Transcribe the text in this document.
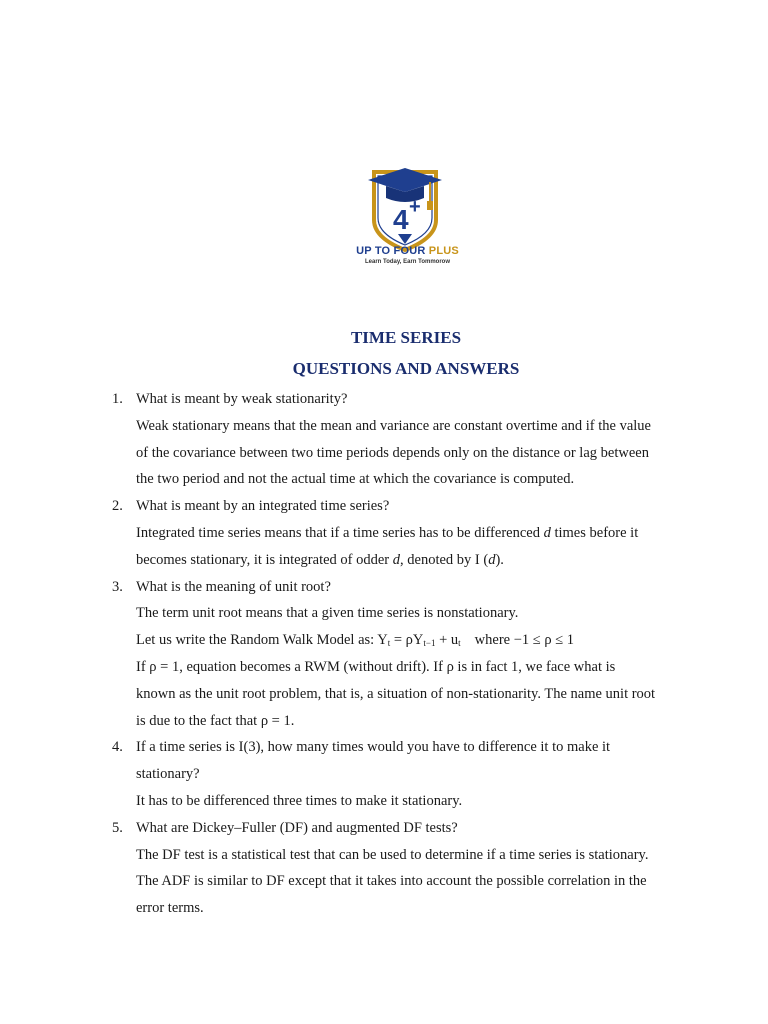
4 +
UP TO FOUR PLUS
Learn Today, Earn Tommorow
TIME SERIES
QUESTIONS AND ANSWERS
1. What is meant by weak stationarity?
Weak stationary means that the mean and variance are constant overtime and if the value
of the covariance between two time periods depends only on the distance or lag between
the two period and not the actual time at which the covariance is computed.
2. What is meant by an integrated time series?
Integrated time series means that if a time series has to be differenced d times before it
becomes stationary, it is integrated of odder d, denoted by I (d).
3. What is the meaning of unit root?
The term unit root means that a given time series is nonstationary.
Let us write the Random Walk Model as: $Y_t = \rho Y_{t-1} + u_t$ where −1 ≤ ρ ≤ 1
If ρ = 1, equation becomes a RWM (without drift). If ρ is in fact 1, we face what is
known as the unit root problem, that is, a situation of non-stationarity. The name unit root
is due to the fact that ρ = 1.
4. If a time series is I(3), how many times would you have to difference it to make it
stationary?
It has to be differenced three times to make it stationary.
5. What are Dickey–Fuller (DF) and augmented DF tests?
The DF test is a statistical test that can be used to determine if a time series is stationary.
The ADF is similar to DF except that it takes into account the possible correlation in the
error terms.
